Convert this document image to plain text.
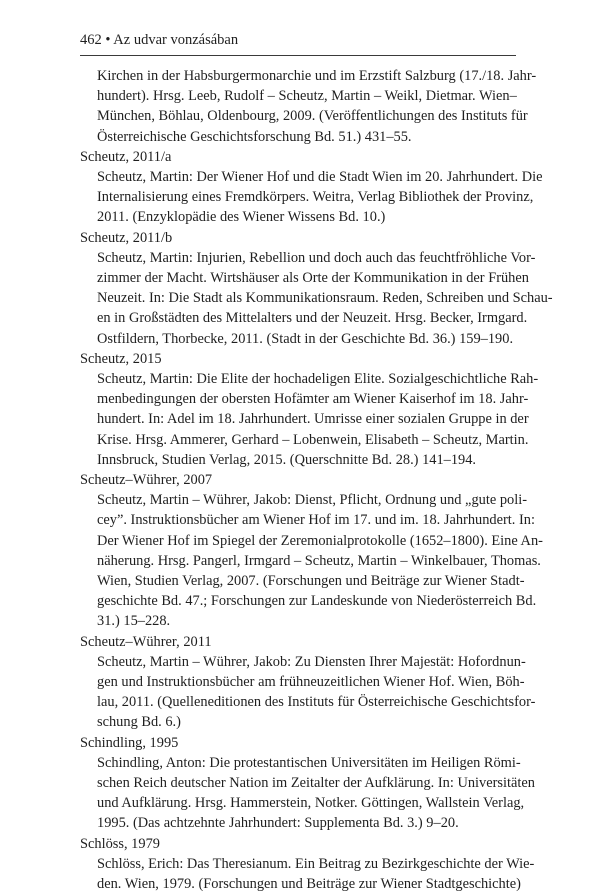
462 • Az udvar vonzásában
Kirchen in der Habsburgermonarchie und im Erzstift Salzburg (17./18. Jahr-
hundert). Hrsg. Leeb, Rudolf – Scheutz, Martin – Weikl, Dietmar. Wien–
München, Böhlau, Oldenbourg, 2009. (Veröffentlichungen des Instituts für
Österreichische Geschichtsforschung Bd. 51.) 431–55.
Scheutz, 2011/a
Scheutz, Martin: Der Wiener Hof und die Stadt Wien im 20. Jahrhundert. Die
Internalisierung eines Fremdkörpers. Weitra, Verlag Bibliothek der Provinz,
2011. (Enzyklopädie des Wiener Wissens Bd. 10.)
Scheutz, 2011/b
Scheutz, Martin: Injurien, Rebellion und doch auch das feuchtfröhliche Vor-
zimmer der Macht. Wirtshäuser als Orte der Kommunikation in der Frühen
Neuzeit. In: Die Stadt als Kommunikationsraum. Reden, Schreiben und Schau-
en in Großstädten des Mittelalters und der Neuzeit. Hrsg. Becker, Irmgard.
Ostfildern, Thorbecke, 2011. (Stadt in der Geschichte Bd. 36.) 159–190.
Scheutz, 2015
Scheutz, Martin: Die Elite der hochadeligen Elite. Sozialgeschichtliche Rah-
menbedingungen der obersten Hofämter am Wiener Kaiserhof im 18. Jahr-
hundert. In: Adel im 18. Jahrhundert. Umrisse einer sozialen Gruppe in der
Krise. Hrsg. Ammerer, Gerhard – Lobenwein, Elisabeth – Scheutz, Martin.
Innsbruck, Studien Verlag, 2015. (Querschnitte Bd. 28.) 141–194.
Scheutz–Wührer, 2007
Scheutz, Martin – Wührer, Jakob: Dienst, Pflicht, Ordnung und „gute poli-
cey”. Instruktionsbücher am Wiener Hof im 17. und im. 18. Jahrhundert. In:
Der Wiener Hof im Spiegel der Zeremonialprotokolle (1652–1800). Eine An-
näherung. Hrsg. Pangerl, Irmgard – Scheutz, Martin – Winkelbauer, Thomas.
Wien, Studien Verlag, 2007. (Forschungen und Beiträge zur Wiener Stadt-
geschichte Bd. 47.; Forschungen zur Landeskunde von Niederösterreich Bd.
31.) 15–228.
Scheutz–Wührer, 2011
Scheutz, Martin – Wührer, Jakob: Zu Diensten Ihrer Majestät: Hofordnun-
gen und Instruktionsbücher am frühneuzeitlichen Wiener Hof. Wien, Böh-
lau, 2011. (Quelleneditionen des Instituts für Österreichische Geschichtsfor-
schung Bd. 6.)
Schindling, 1995
Schindling, Anton: Die protestantischen Universitäten im Heiligen Römi-
schen Reich deutscher Nation im Zeitalter der Aufklärung. In: Universitäten
und Aufklärung. Hrsg. Hammerstein, Notker. Göttingen, Wallstein Verlag,
1995. (Das achtzehnte Jahrhundert: Supplementa Bd. 3.) 9–20.
Schlöss, 1979
Schlöss, Erich: Das Theresianum. Ein Beitrag zu Bezirkgeschichte der Wie-
den. Wien, 1979. (Forschungen und Beiträge zur Wiener Stadtgeschichte)
